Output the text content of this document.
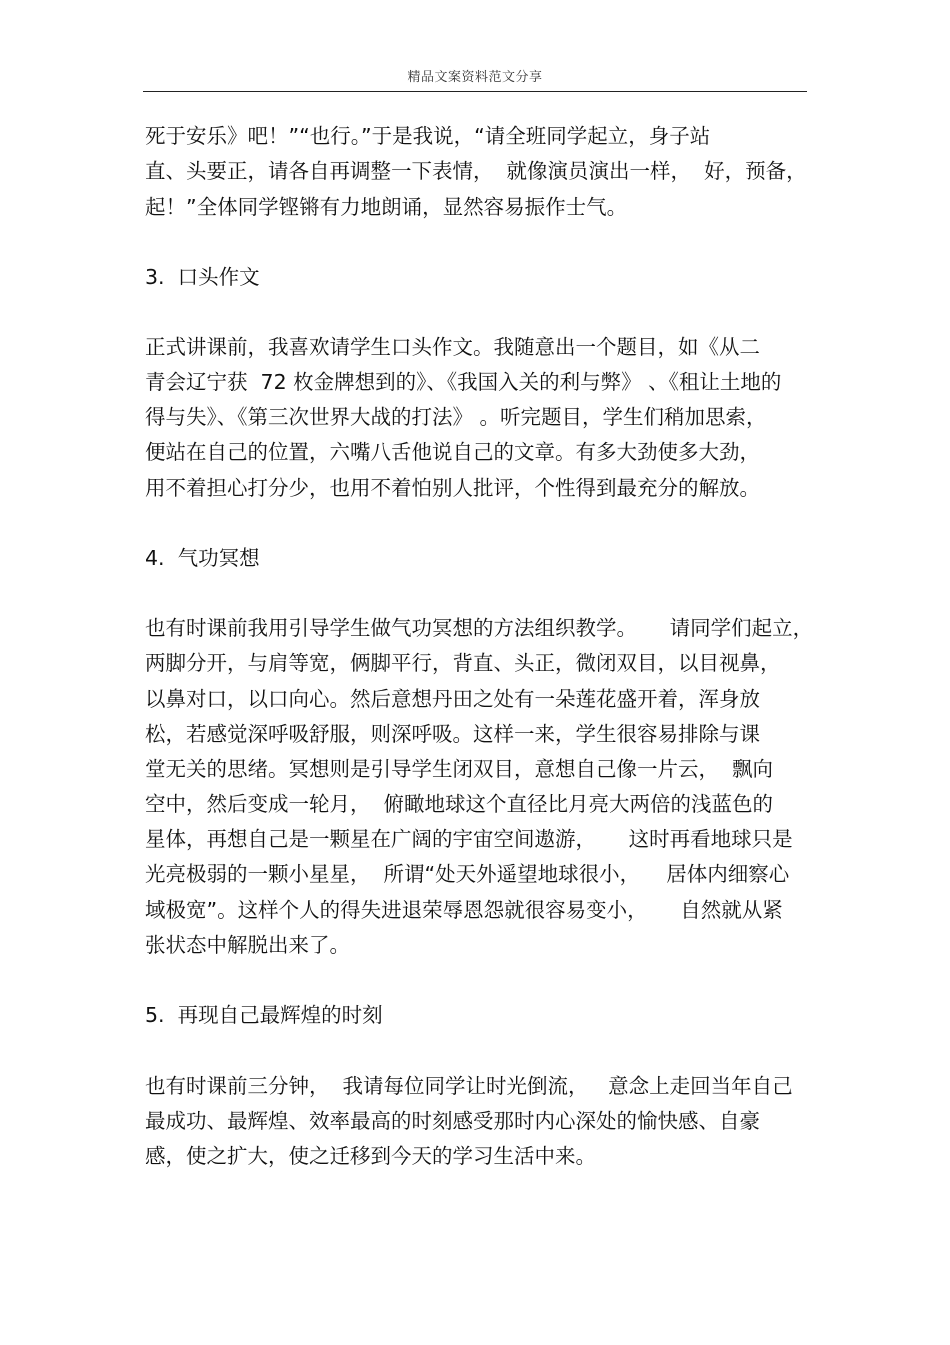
精品文案资料范文分享
死于安乐》吧！”“也行。”于是我说，“请全班同学起立，身子站
直、头要正，请各自再调整一下表情，  就像演员演出一样，  好，预备，
起！”全体同学铿锵有力地朗诵，显然容易振作士气。
3.  口头作文
正式讲课前，我喜欢请学生口头作文。我随意出一个题目，如《从二
青会辽宁获  72 枚金牌想到的》、《我国入关的利与弊》 、《租让土地的
得与失》、《第三次世界大战的打法》 。听完题目，学生们稍加思索，
便站在自己的位置，六嘴八舌他说自己的文章。有多大劲使多大劲，
用不着担心打分少，也用不着怕别人批评，个性得到最充分的解放。
4.  气功冥想
也有时课前我用引导学生做气功冥想的方法组织教学。     请同学们起立，
两脚分开，与肩等宽，俩脚平行，背直、头正，微闭双目，以目视鼻，
以鼻对口，以口向心。然后意想丹田之处有一朵莲花盛开着，浑身放
松，若感觉深呼吸舒服，则深呼吸。这样一来，学生很容易排除与课
堂无关的思绪。冥想则是引导学生闭双目，意想自己像一片云，  飘向
空中，然后变成一轮月，  俯瞰地球这个直径比月亮大两倍的浅蓝色的
星体，再想自己是一颗星在广阔的宇宙空间遨游，     这时再看地球只是
光亮极弱的一颗小星星，  所谓“处天外遥望地球很小，    居体内细察心
域极宽”。这样个人的得失进退荣辱恩怨就很容易变小，     自然就从紧
张状态中解脱出来了。
5.  再现自己最辉煌的时刻
也有时课前三分钟，  我请每位同学让时光倒流，   意念上走回当年自己
最成功、最辉煌、效率最高的时刻感受那时内心深处的愉快感、自豪
感，使之扩大，使之迁移到今天的学习生活中来。
